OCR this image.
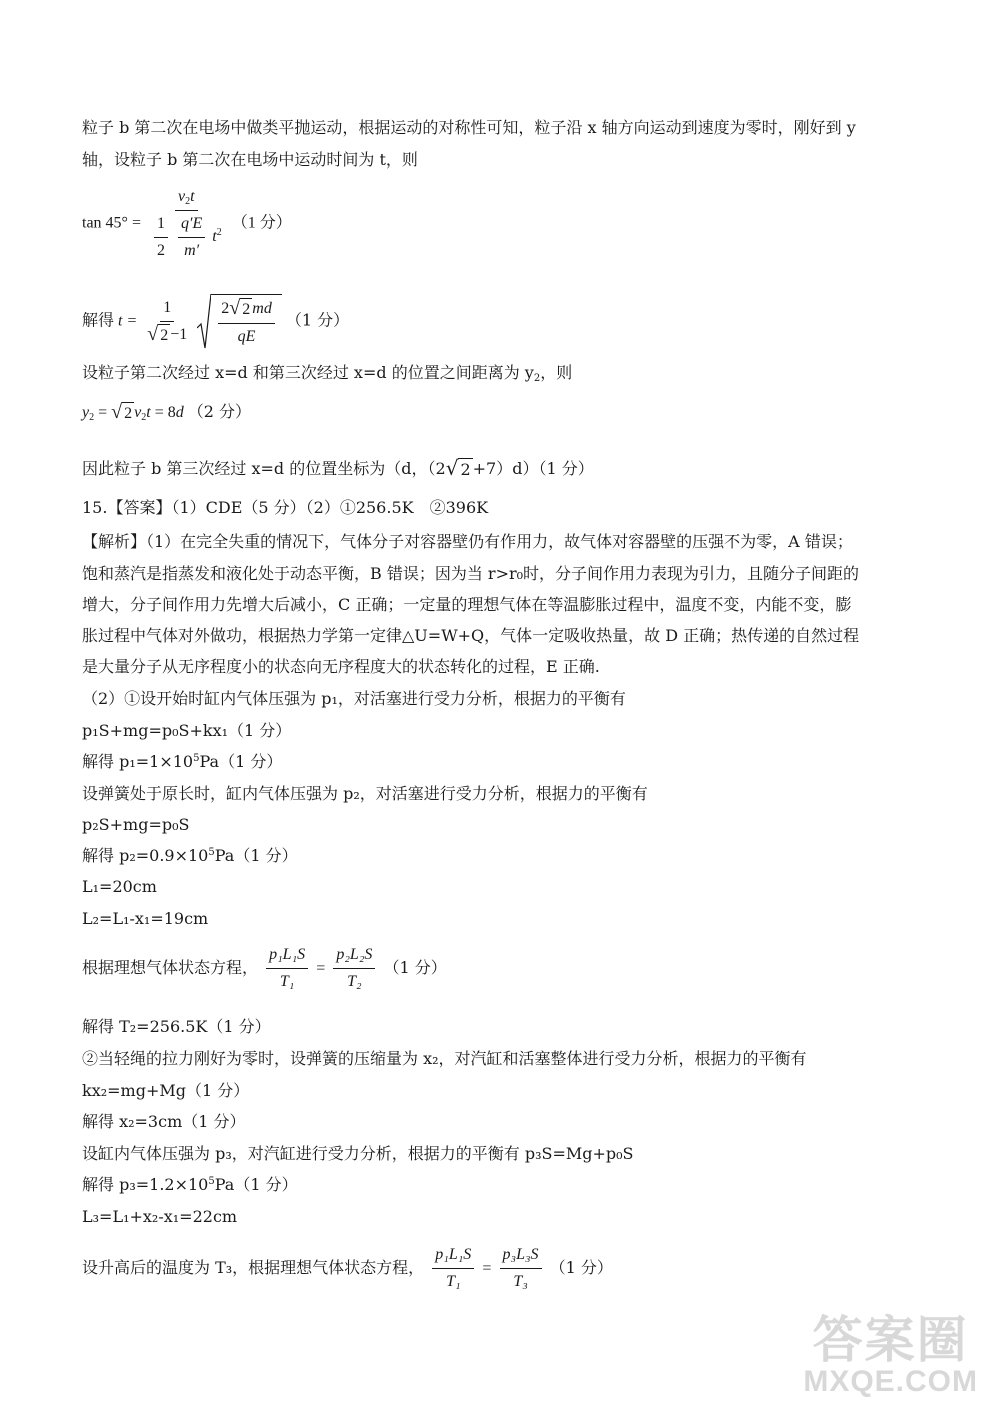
粒子 b 第二次在电场中做类平抛运动，根据运动的对称性可知，粒子沿 x 轴方向运动到速度为零时，刚好到 y
轴，设粒子 b 第二次在电场中运动时间为 t，则
$\tan 45^\circ = v_2t$
$\frac{1}{2}$
$\frac{q'E}{m'} t^2$ （1 分）
解得 $t = \frac{1}{√ 2 -1}$
$\frac{2 √ 2 md}{qE} (1$ 分）
设粒子第二次经过 x=d 和第三次经过 x=d 的位置之间距离为 $y_2$，则
$y_2$ = √ 2 $v_2t = 8d$ （2 分）
因此粒子 b 第三次经过 x=d 的位置坐标为（d，（2 √ 2 +7）d）（1 分）
15.【答案】（1）CDE（5 分）（2）①256.5K　②396K
【解析】（1）在完全失重的情况下，气体分子对容器壁仍有作用力，故气体对容器壁的压强不为零，A 错误；
饱和蒸汽是指蒸发和液化处于动态平衡，B 错误；因为当 r>r₀时，分子间作用力表现为引力，且随分子间距的
增大，分子间作用力先增大后减小，C 正确；一定量的理想气体在等温膨胀过程中，温度不变，内能不变，膨
胀过程中气体对外做功，根据热力学第一定律△U=W+Q，气体一定吸收热量，故 D 正确；热传递的自然过程
是大量分子从无序程度小的状态向无序程度大的状态转化的过程，E 正确.
（2）①设开始时缸内气体压强为 p₁，对活塞进行受力分析，根据力的平衡有
p₁S+mg=p₀S+kx₁（1 分）
解得 $p_1=1\times 10^5Pa(1$ 分）
设弹簧处于原长时，缸内气体压强为 p₂，对活塞进行受力分析，根据力的平衡有
p₂S+mg=p₀S
解得 $p_2=0.9\times 10^5Pa(1$ 分）
L₁=20cm
L₂=L₁-x₁=19cm
根据理想气体状态方程， $\frac{\text{p₁L₁S}}{\text{T₁}} = \frac{\text{p₂L₂S}}{\text{T₂}} (1$ 分）
解得 T₂=256.5K（1 分）
②当轻绳的拉力刚好为零时，设弹簧的压缩量为 x₂，对汽缸和活塞整体进行受力分析，根据力的平衡有
kx₂=mg+Mg（1 分）
解得 x₂=3cm（1 分）
设缸内气体压强为 p₃，对汽缸进行受力分析，根据力的平衡有 p₃S=Mg+p₀S
解得 $p_3=1.2\times 10^5Pa(1$ 分）
L₃=L₁+x₂-x₁=22cm
设升高后的温度为 T₃，根据理想气体状态方程， $\frac{\text{p₁L₁S}}{\text{T₁}} = \frac{\text{p₃L₃S}}{\text{T₃}} (1$ 分）
答案圈
MXQE.COM
